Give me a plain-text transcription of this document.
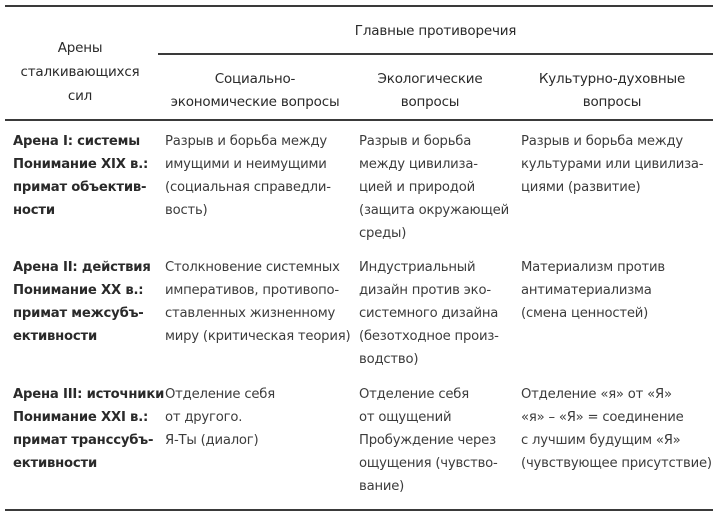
Арены
сталкивающихся
сил
Главные противоречия
Социально-
экономические вопросы
Экологические
вопросы
Культурно-духовные
вопросы
Арена I: системы
Понимание XIX в.:
примат объектив-
ности
Разрыв и борьба между
имущими и неимущими
(социальная справедли-
вость)
Разрыв и борьба
между цивилиза-
цией и природой
(защита окружающей
среды)
Разрыв и борьба между
культурами или цивилиза-
циями (развитие)
Арена II: действия
Понимание XX в.:
примат межсубъ-
ективности
Столкновение системных
императивов, противопо-
ставленных жизненному
миру (критическая теория)
Индустриальный
дизайн против эко-
системного дизайна
(безотходное произ-
водство)
Материализм против
антиматериализма
(смена ценностей)
Арена III: источники
Понимание XXI в.:
примат транссубъ-
ективности
Отделение себя
от другого.
Я-Ты (диалог)
Отделение себя
от ощущений
Пробуждение через
ощущения (чувство-
вание)
Отделение «я» от «Я»
«я» – «Я» = соединение
с лучшим будущим «Я»
(чувствующее присутствие)
